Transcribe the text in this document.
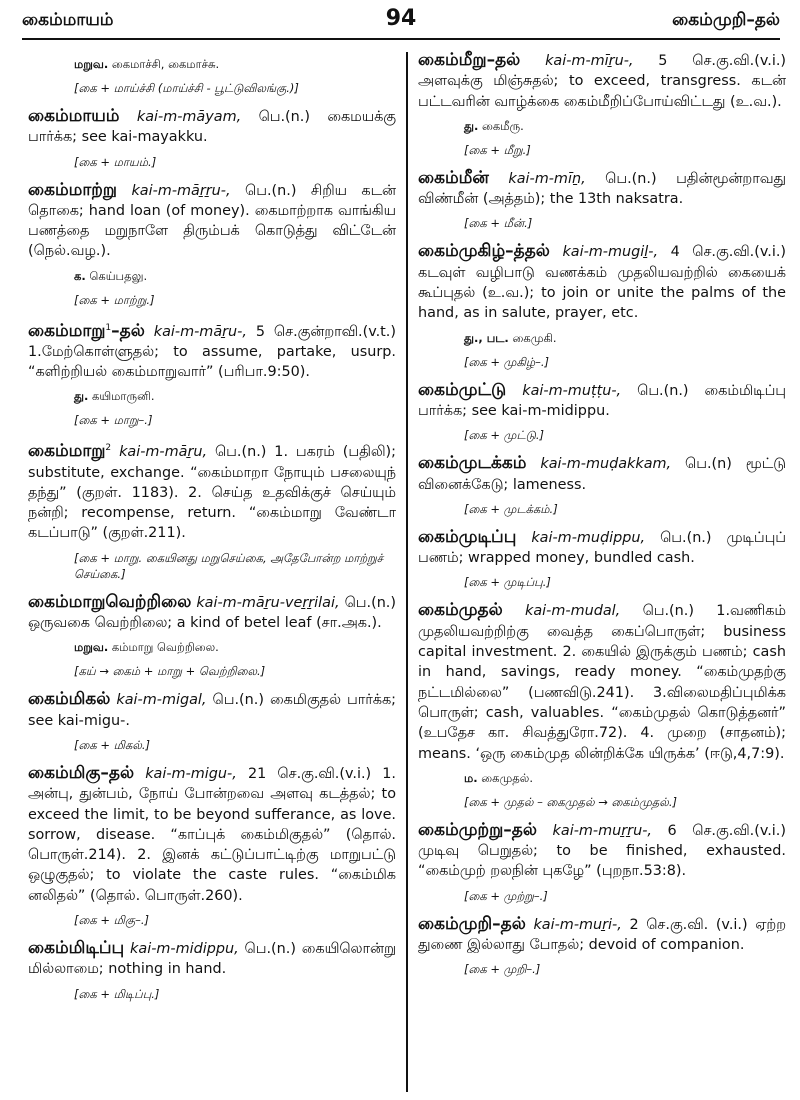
கைம்மாயம்	94	கைம்முறி–தல்
மறுவ. கைமாச்சி, கைமாச்சு.
[கை + மாய்ச்சி (மாய்ச்சி - பூட்டுவிலங்கு.)]
கைம்மாயம் kai-m-māyam, பெ.(n.) கைமயக்கு பார்க்க; see kai-mayakku.
[கை + மாயம்.]
கைம்மாற்று kai-m-māṟṟu-, பெ.(n.) சிறிய கடன் தொகை; hand loan (of money). கைமாற்றாக வாங்கிய பணத்தை மறுநாளே திரும்பக் கொடுத்து விட்டேன் (நெல்.வழ.).
க. கெய்பதலு.
[கை + மாற்று.]
கைம்மாறு$^1$–தல் kai-m-māṟu-, 5 செ.குன்றாவி.(v.t.) 1.மேற்கொள்ளுதல்; to assume, partake, usurp. “களிற்றியல் கைம்மாறுவார்” (பரிபா.9:50).
து. கயிமாருனி.
[கை + மாறு–.]
கைம்மாறு$^2$ kai-m-māṟu, பெ.(n.) 1. பகரம் (பதிலி); substitute, exchange. “கைம்மாறா நோயும் பசலையுந் தந்து” (குறள். 1183). 2. செய்த உதவிக்குச் செய்யும் நன்றி; recompense, return. “கைம்மாறு வேண்டா கடப்பாடு” (குறள்.211).
[கை + மாறு. கையினது மறுசெய்கை, அதேபோன்ற மாற்றுச் செய்கை.]
கைம்மாறுவெற்றிலை kai-m-māṟu-veṟṟilai, பெ.(n.) ஒருவகை வெற்றிலை; a kind of betel leaf (சா.அக.).
மறுவ. கம்மாறு வெற்றிலை.
[கய் → கைம் + மாறு + வெற்றிலை.]
கைம்மிகல் kai-m-migal, பெ.(n.) கைமிகுதல் பார்க்க; see kai-migu-.
[கை + மிகல்.]
கைம்மிகு–தல் kai-m-migu-, 21 செ.கு.வி.(v.i.) 1. அன்பு, துன்பம், நோய் போன்றவை அளவு கடத்தல்; to exceed the limit, to be beyond sufferance, as love. sorrow, disease. “காப்புக் கைம்மிகுதல்” (தொல். பொருள்.214). 2. இனக் கட்டுப்பாட்டிற்கு மாறுபட்டு ஒழுகுதல்; to violate the caste rules. “கைம்மிக னலிதல்” (தொல். பொருள்.260).
[கை + மிகு–.]
கைம்மிடிப்பு kai-m-midippu, பெ.(n.) கையிலொன்று மில்லாமை; nothing in hand.
[கை + மிடிப்பு.]
கைம்மீறு–தல் kai-m-mīṟu-, 5 செ.கு.வி.(v.i.) அளவுக்கு மிஞ்சுதல்; to exceed, transgress. கடன் பட்டவரின் வாழ்க்கை கைம்மீறிப்போய்விட்டது (உ.வ.).
து. கைமீரு.
[கை + மீறு.]
கைம்மீன் kai-m-mīṉ, பெ.(n.) பதின்மூன்றாவது விண்மீன் (அத்தம்); the 13th naksatra.
[கை + மீன்.]
கைம்முகிழ்–த்தல் kai-m-mugiḻ-, 4 செ.கு.வி.(v.i.) கடவுள் வழிபாடு வணக்கம் முதலியவற்றில் கையைக் கூப்புதல் (உ.வ.); to join or unite the palms of the hand, as in salute, prayer, etc.
து., பட. கைமுகி.
[கை + முகிழ்–.]
கைம்முட்டு kai-m-muṭṭu-, பெ.(n.) கைம்மிடிப்பு பார்க்க; see kai-m-midippu.
[கை + முட்டு.]
கைம்முடக்கம் kai-m-muḍakkam, பெ.(n) மூட்டு வினைக்கேடு; lameness.
[கை + முடக்கம்.]
கைம்முடிப்பு kai-m-muḍippu, பெ.(n.) முடிப்புப் பணம்; wrapped money, bundled cash.
[கை + முடிப்பு.]
கைம்முதல் kai-m-mudal, பெ.(n.) 1.வணிகம் முதலியவற்றிற்கு வைத்த கைப்பொருள்; business capital investment. 2. கையில் இருக்கும் பணம்; cash in hand, savings, ready money. “கைம்முதற்கு நட்டமில்லை” (பணவிடு.241). 3.விலைமதிப்புமிக்க பொருள்; cash, valuables. “கைம்முதல் கொடுத்தனர்” (உபதேச கா. சிவத்துரோ.72). 4. முறை (சாதனம்); means. ‘ஒரு கைம்முத லின்றிக்கே யிருக்க’ (ஈடு,4,7:9).
ம. கைமுதல்.
[கை + முதல் – கைமுதல் → கைம்முதல்.]
கைம்முற்று–தல் kai-m-muṟṟu-, 6 செ.கு.வி.(v.i.) முடிவு பெறுதல்; to be finished, exhausted. “கைம்முற் றலநின் புகழே” (புறநா.53:8).
[கை + முற்று–.]
கைம்முறி–தல் kai-m-muṟi-, 2 செ.கு.வி. (v.i.) ஏற்ற துணை இல்லாது போதல்; devoid of companion.
[கை + முறி–.]
